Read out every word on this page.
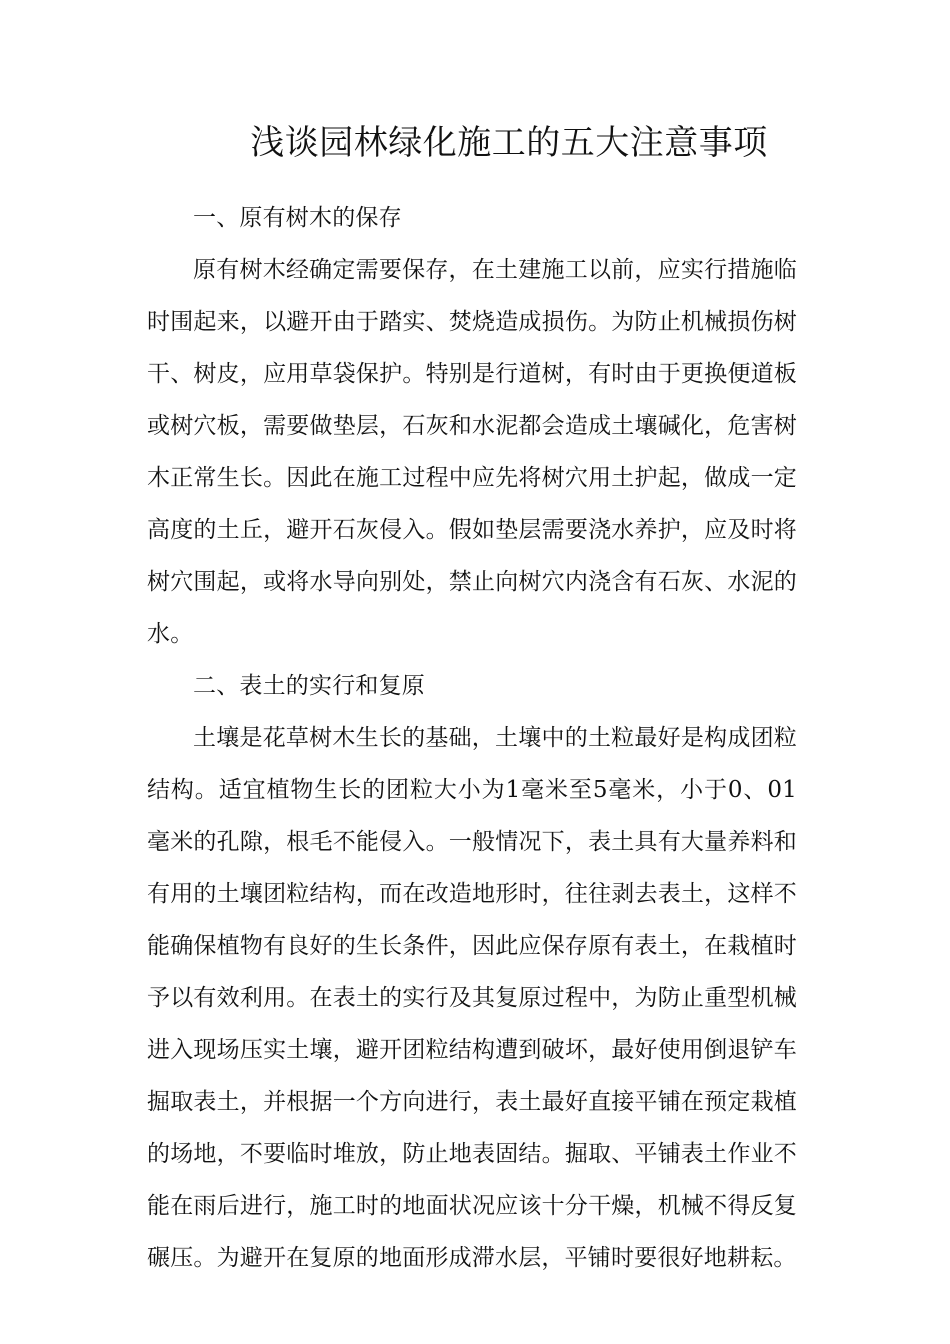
浅谈园林绿化施工的五大注意事项

一、原有树木的保存

原有树木经确定需要保存，在土建施工以前，应实行措施临时围起来，以避开由于踏实、焚烧造成损伤。为防止机械损伤树干、树皮，应用草袋保护。特别是行道树，有时由于更换便道板或树穴板，需要做垫层，石灰和水泥都会造成土壤碱化，危害树木正常生长。因此在施工过程中应先将树穴用土护起，做成一定高度的土丘，避开石灰侵入。假如垫层需要浇水养护，应及时将树穴围起，或将水导向别处，禁止向树穴内浇含有石灰、水泥的水。

二、表土的实行和复原

土壤是花草树木生长的基础，土壤中的土粒最好是构成团粒结构。适宜植物生长的团粒大小为1毫米至5毫米，小于0、01毫米的孔隙，根毛不能侵入。一般情况下，表土具有大量养料和有用的土壤团粒结构，而在改造地形时，往往剥去表土，这样不能确保植物有良好的生长条件，因此应保存原有表土，在栽植时予以有效利用。在表土的实行及其复原过程中，为防止重型机械进入现场压实土壤，避开团粒结构遭到破坏，最好使用倒退铲车掘取表土，并根据一个方向进行，表土最好直接平铺在预定栽植的场地，不要临时堆放，防止地表固结。掘取、平铺表土作业不能在雨后进行，施工时的地面状况应该十分干燥，机械不得反复碾压。为避开在复原的地面形成滞水层，平铺时要很好地耕耘。
